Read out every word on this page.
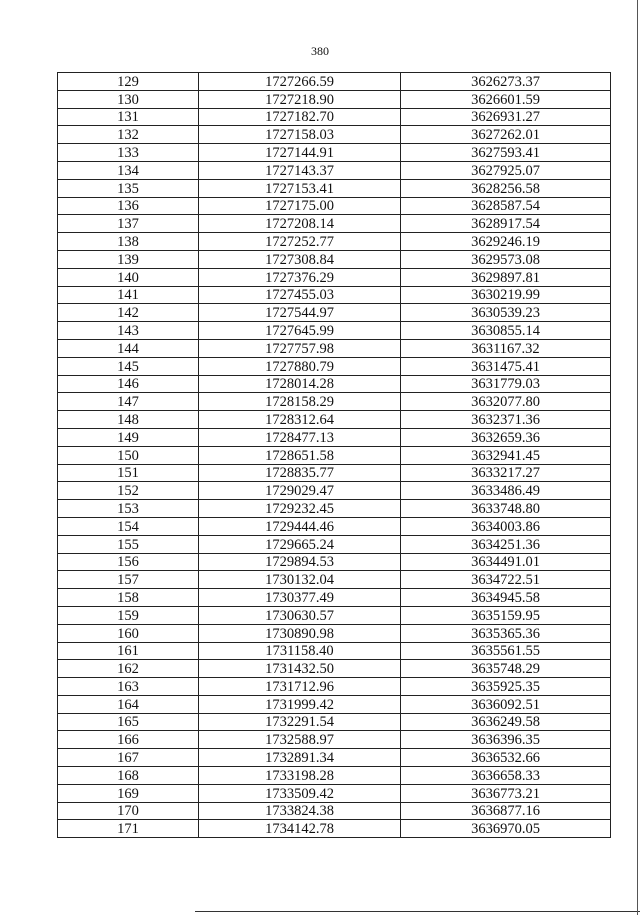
380
129	1727266.59	3626273.37
130	1727218.90	3626601.59
131	1727182.70	3626931.27
132	1727158.03	3627262.01
133	1727144.91	3627593.41
134	1727143.37	3627925.07
135	1727153.41	3628256.58
136	1727175.00	3628587.54
137	1727208.14	3628917.54
138	1727252.77	3629246.19
139	1727308.84	3629573.08
140	1727376.29	3629897.81
141	1727455.03	3630219.99
142	1727544.97	3630539.23
143	1727645.99	3630855.14
144	1727757.98	3631167.32
145	1727880.79	3631475.41
146	1728014.28	3631779.03
147	1728158.29	3632077.80
148	1728312.64	3632371.36
149	1728477.13	3632659.36
150	1728651.58	3632941.45
151	1728835.77	3633217.27
152	1729029.47	3633486.49
153	1729232.45	3633748.80
154	1729444.46	3634003.86
155	1729665.24	3634251.36
156	1729894.53	3634491.01
157	1730132.04	3634722.51
158	1730377.49	3634945.58
159	1730630.57	3635159.95
160	1730890.98	3635365.36
161	1731158.40	3635561.55
162	1731432.50	3635748.29
163	1731712.96	3635925.35
164	1731999.42	3636092.51
165	1732291.54	3636249.58
166	1732588.97	3636396.35
167	1732891.34	3636532.66
168	1733198.28	3636658.33
169	1733509.42	3636773.21
170	1733824.38	3636877.16
171	1734142.78	3636970.05
